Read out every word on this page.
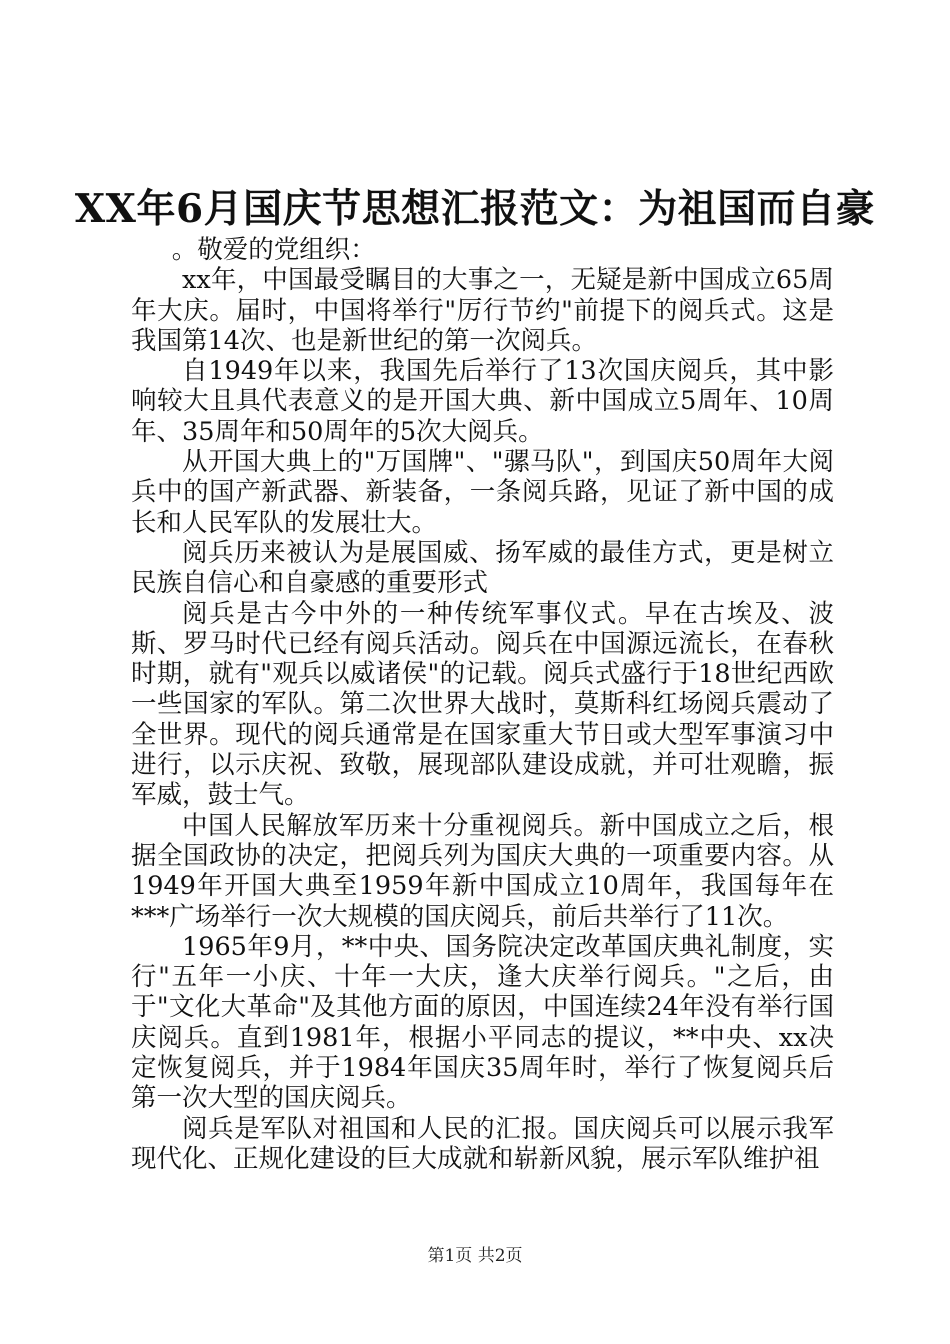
XX年6月国庆节思想汇报范文：为祖国而自豪
。敬爱的党组织：

xx年，中国最受瞩目的大事之一，无疑是新中国成立65周年大庆。届时，中国将举行"厉行节约"前提下的阅兵式。这是我国第14次、也是新世纪的第一次阅兵。

自1949年以来，我国先后举行了13次国庆阅兵，其中影响较大且具代表意义的是开国大典、新中国成立5周年、10周年、35周年和50周年的5次大阅兵。

从开国大典上的"万国牌"、"骡马队"，到国庆50周年大阅兵中的国产新武器、新装备，一条阅兵路，见证了新中国的成长和人民军队的发展壮大。

阅兵历来被认为是展国威、扬军威的最佳方式，更是树立民族自信心和自豪感的重要形式

阅兵是古今中外的一种传统军事仪式。早在古埃及、波斯、罗马时代已经有阅兵活动。阅兵在中国源远流长，在春秋时期，就有"观兵以威诸侯"的记载。阅兵式盛行于18世纪西欧一些国家的军队。第二次世界大战时，莫斯科红场阅兵震动了全世界。现代的阅兵通常是在国家重大节日或大型军事演习中进行，以示庆祝、致敬，展现部队建设成就，并可壮观瞻，振军威，鼓士气。

中国人民解放军历来十分重视阅兵。新中国成立之后，根据全国政协的决定，把阅兵列为国庆大典的一项重要内容。从1949年开国大典至1959年新中国成立10周年，我国每年在***广场举行一次大规模的国庆阅兵，前后共举行了11次。

1965年9月，**中央、国务院决定改革国庆典礼制度，实行"五年一小庆、十年一大庆，逢大庆举行阅兵。"之后，由于"文化大革命"及其他方面的原因，中国连续24年没有举行国庆阅兵。直到1981年，根据小平同志的提议，**中央、xx决定恢复阅兵，并于1984年国庆35周年时，举行了恢复阅兵后第一次大型的国庆阅兵。

阅兵是军队对祖国和人民的汇报。国庆阅兵可以展示我军现代化、正规化建设的巨大成就和崭新风貌，展示军队维护祖

第1页 共2页
